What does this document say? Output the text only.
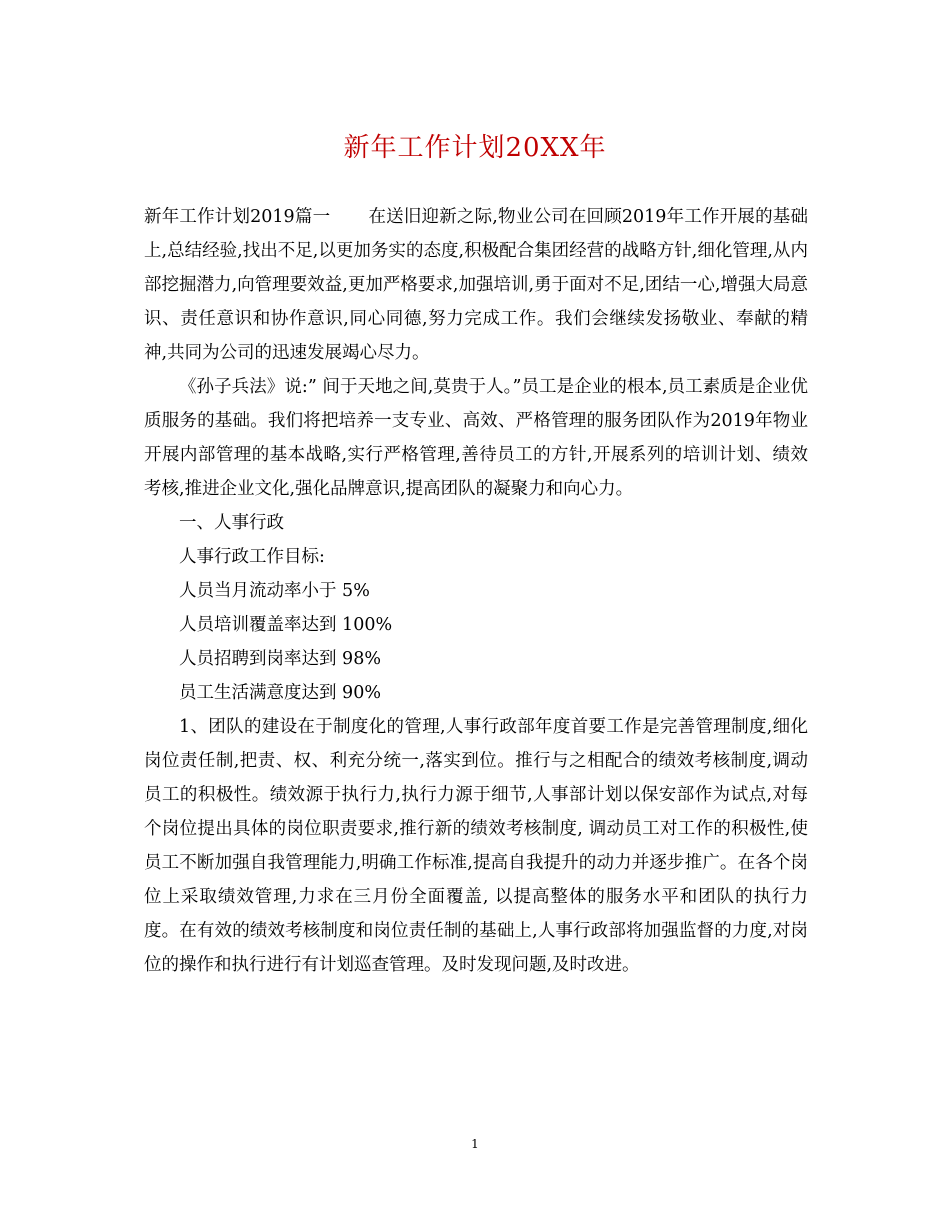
新年工作计划20XX年

新年工作计划2019篇一 在送旧迎新之际,物业公司在回顾2019年工作开展的基础上,总结经验,找出不足,以更加务实的态度,积极配合集团经营的战略方针,细化管理,从内部挖掘潜力,向管理要效益,更加严格要求,加强培训,勇于面对不足,团结一心,增强大局意识、责任意识和协作意识,同心同德,努力完成工作。我们会继续发扬敬业、奉献的精神,共同为公司的迅速发展竭心尽力。

《孙子兵法》说:” 间于天地之间,莫贵于人。”员工是企业的根本,员工素质是企业优质服务的基础。我们将把培养一支专业、高效、严格管理的服务团队作为2019年物业开展内部管理的基本战略,实行严格管理,善待员工的方针,开展系列的培训计划、绩效考核,推进企业文化,强化品牌意识,提高团队的凝聚力和向心力。

一、人事行政

人事行政工作目标:

人员当月流动率小于 5%

人员培训覆盖率达到 100%

人员招聘到岗率达到 98%

员工生活满意度达到 90%

1、团队的建设在于制度化的管理,人事行政部年度首要工作是完善管理制度,细化岗位责任制,把责、权、利充分统一,落实到位。推行与之相配合的绩效考核制度,调动员工的积极性。绩效源于执行力,执行力源于细节,人事部计划以保安部作为试点,对每个岗位提出具体的岗位职责要求,推行新的绩效考核制度, 调动员工对工作的积极性,使员工不断加强自我管理能力,明确工作标准,提高自我提升的动力并逐步推广。在各个岗位上采取绩效管理,力求在三月份全面覆盖, 以提高整体的服务水平和团队的执行力度。在有效的绩效考核制度和岗位责任制的基础上,人事行政部将加强监督的力度,对岗位的操作和执行进行有计划巡查管理。及时发现问题,及时改进。

1
